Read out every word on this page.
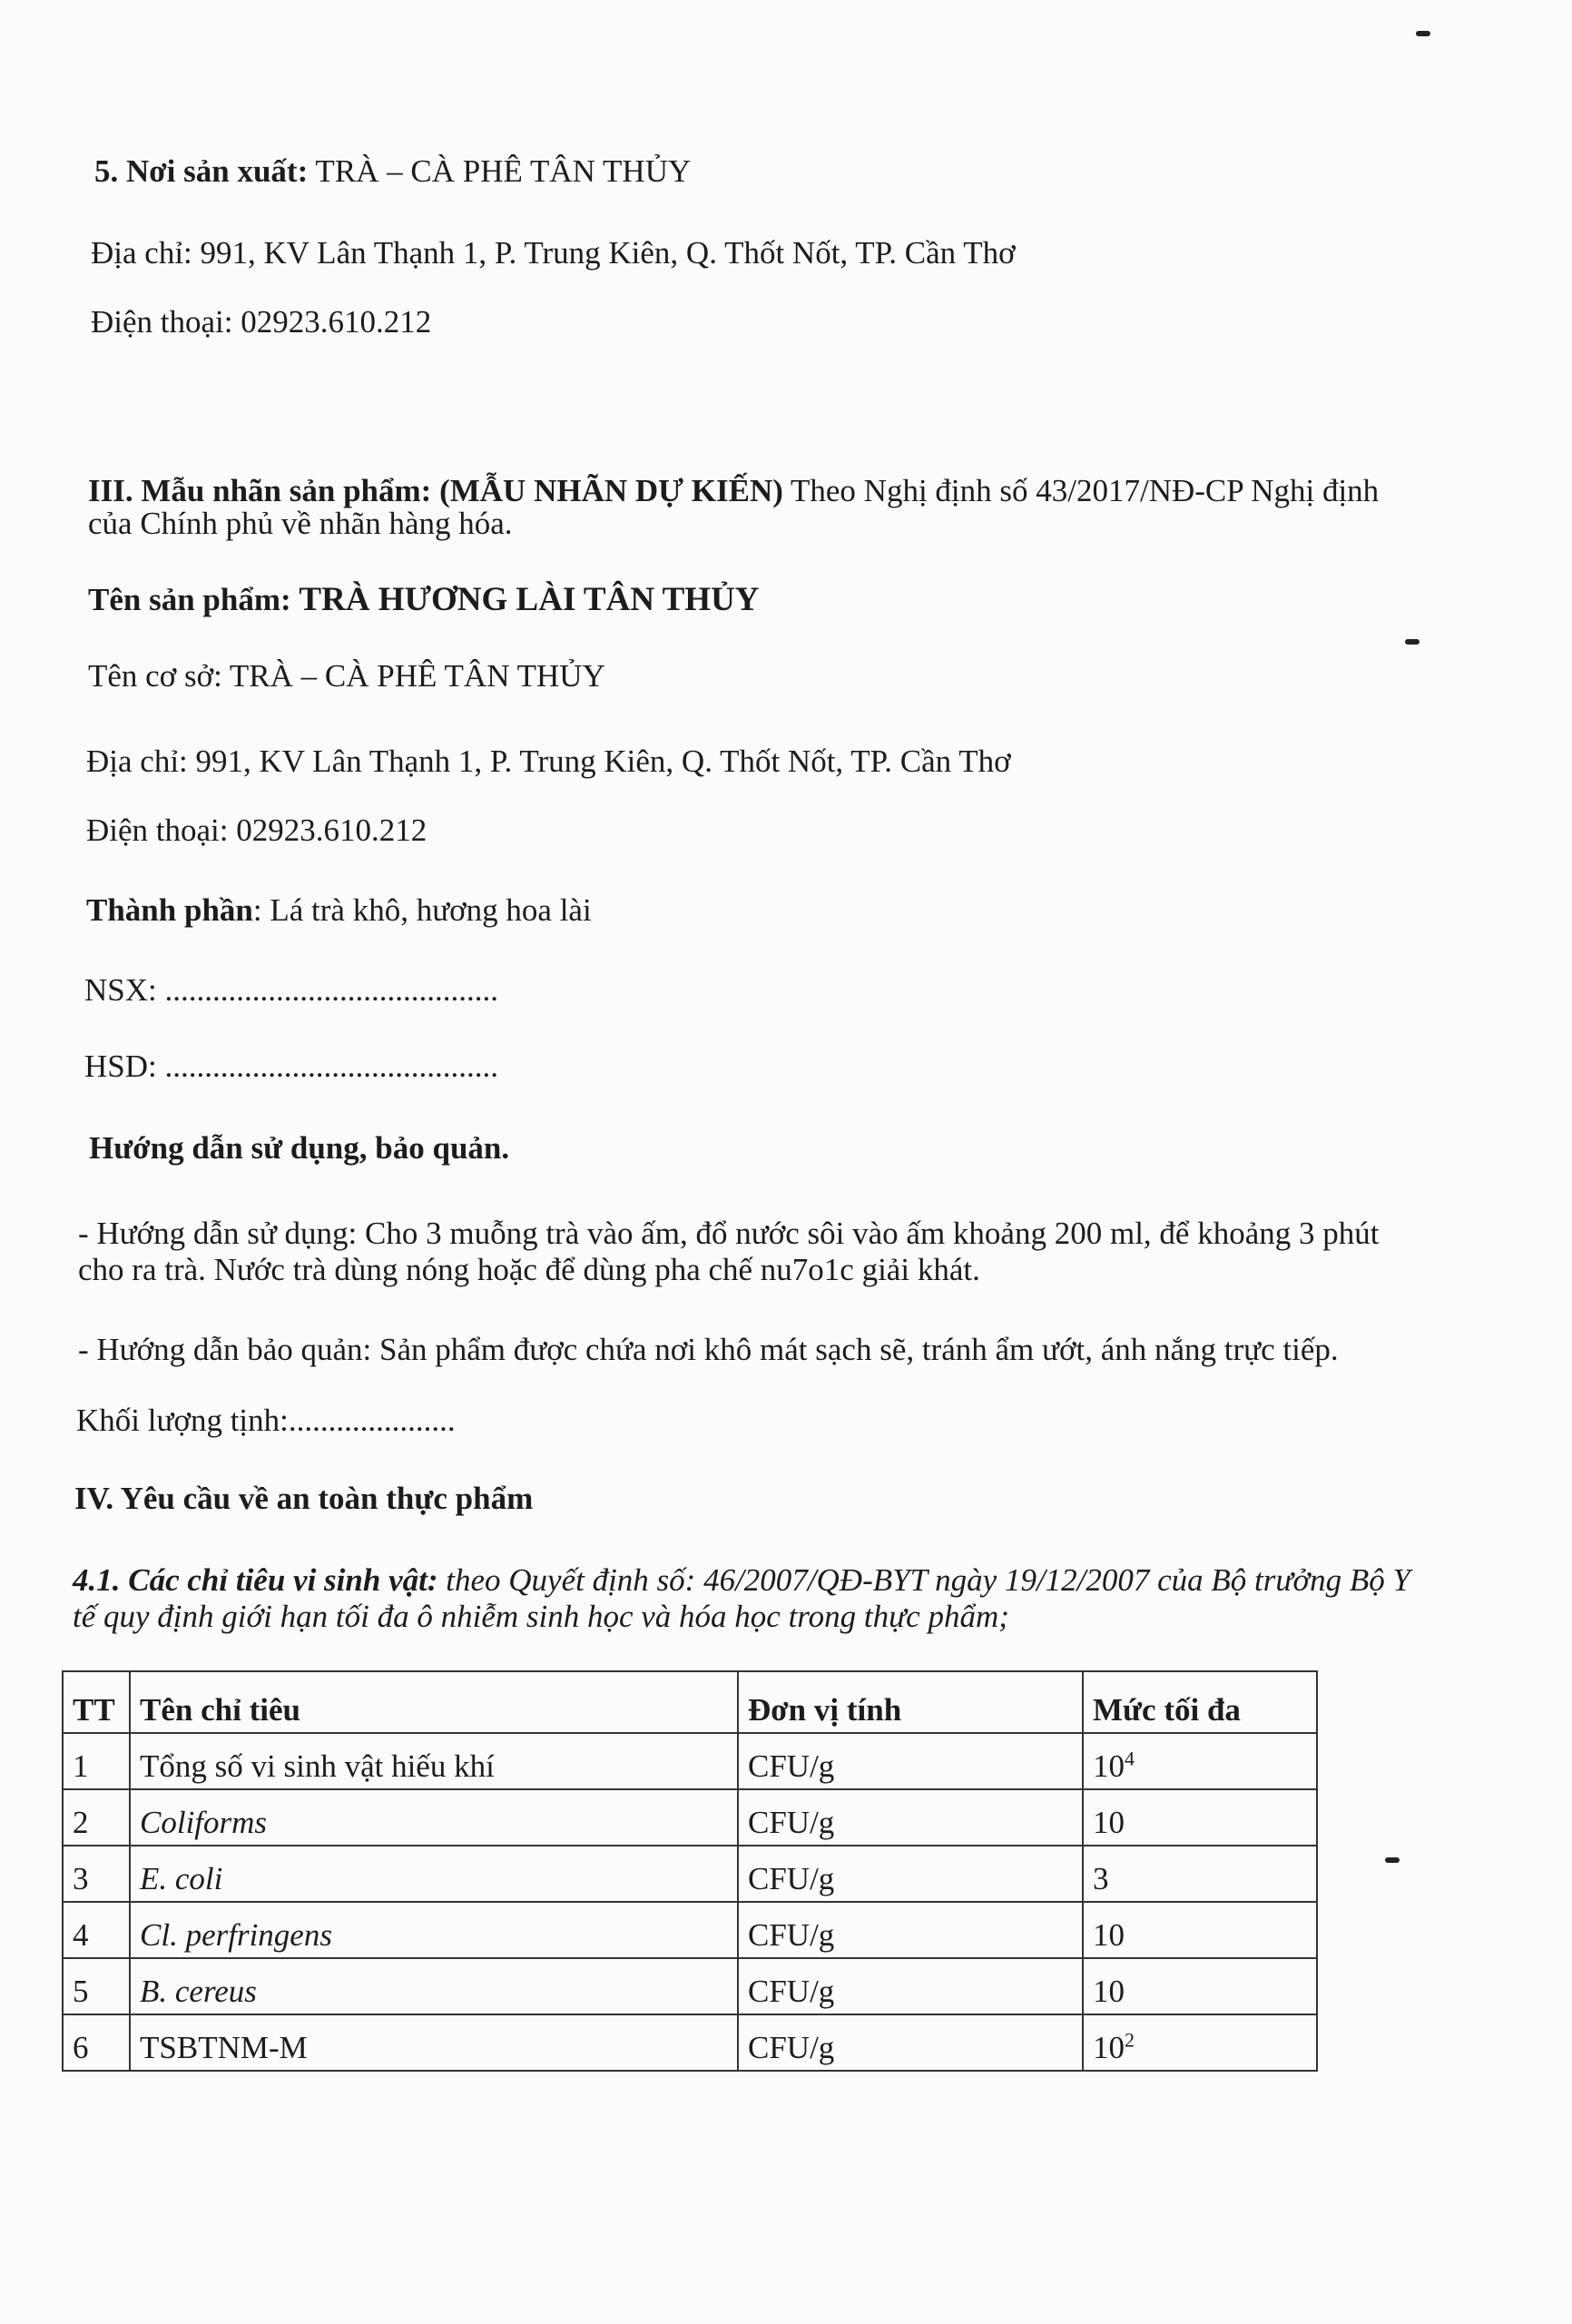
5. Nơi sản xuất: TRÀ – CÀ PHÊ TÂN THỦY
Địa chỉ: 991, KV Lân Thạnh 1, P. Trung Kiên, Q. Thốt Nốt, TP. Cần Thơ
Điện thoại: 02923.610.212
III. Mẫu nhãn sản phẩm: (MẪU NHÃN DỰ KIẾN) Theo Nghị định số 43/2017/NĐ-CP Nghị định
của Chính phủ về nhãn hàng hóa.
Tên sản phẩm: TRÀ HƯƠNG LÀI TÂN THỦY
Tên cơ sở: TRÀ – CÀ PHÊ TÂN THỦY
Địa chỉ: 991, KV Lân Thạnh 1, P. Trung Kiên, Q. Thốt Nốt, TP. Cần Thơ
Điện thoại: 02923.610.212
Thành phần: Lá trà khô, hương hoa lài
NSX: ..........................................
HSD: ..........................................
Hướng dẫn sử dụng, bảo quản.
- Hướng dẫn sử dụng: Cho 3 muỗng trà vào ấm, đổ nước sôi vào ấm khoảng 200 ml, để khoảng 3 phút
cho ra trà. Nước trà dùng nóng hoặc để dùng pha chế nu7o1c giải khát.
- Hướng dẫn bảo quản: Sản phẩm được chứa nơi khô mát sạch sẽ, tránh ẩm ướt, ánh nắng trực tiếp.
Khối lượng tịnh:.....................
IV. Yêu cầu về an toàn thực phẩm
4.1. Các chỉ tiêu vi sinh vật: theo Quyết định số: 46/2007/QĐ-BYT ngày 19/12/2007 của Bộ trưởng Bộ Y
tế quy định giới hạn tối đa ô nhiễm sinh học và hóa học trong thực phẩm;
TT	Tên chỉ tiêu	Đơn vị tính	Mức tối đa
1	Tổng số vi sinh vật hiếu khí	CFU/g	$10^4$
2	Coliforms	CFU/g	10
3	E. coli	CFU/g	3
4	Cl. perfringens	CFU/g	10
5	B. cereus	CFU/g	10
6	TSBTNM-M	CFU/g	$10^2$
